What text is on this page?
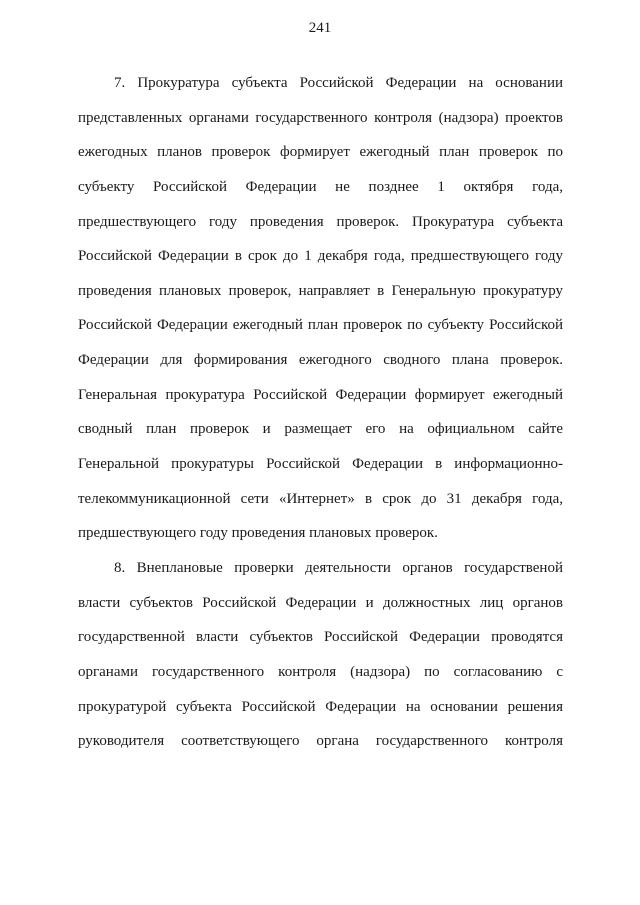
241
7. Прокуратура субъекта Российской Федерации на основании
представленных органами государственного контроля (надзора) проектов
ежегодных планов проверок формирует ежегодный план проверок по
субъекту Российской Федерации не позднее 1 октября года,
предшествующего году проведения проверок. Прокуратура субъекта
Российской Федерации в срок до 1 декабря года, предшествующего году
проведения плановых проверок, направляет в Генеральную прокуратуру
Российской Федерации ежегодный план проверок по субъекту Российской
Федерации для формирования ежегодного сводного плана проверок.
Генеральная прокуратура Российской Федерации формирует ежегодный
сводный план проверок и размещает его на официальном сайте
Генеральной прокуратуры Российской Федерации в информационно-
телекоммуникационной сети «Интернет» в срок до 31 декабря года,
предшествующего году проведения плановых проверок.
8. Внеплановые проверки деятельности органов государственой
власти субъектов Российской Федерации и должностных лиц органов
государственной власти субъектов Российской Федерации проводятся
органами государственного контроля (надзора) по согласованию с
прокуратурой субъекта Российской Федерации на основании решения
руководителя соответствующего органа государственного контроля
